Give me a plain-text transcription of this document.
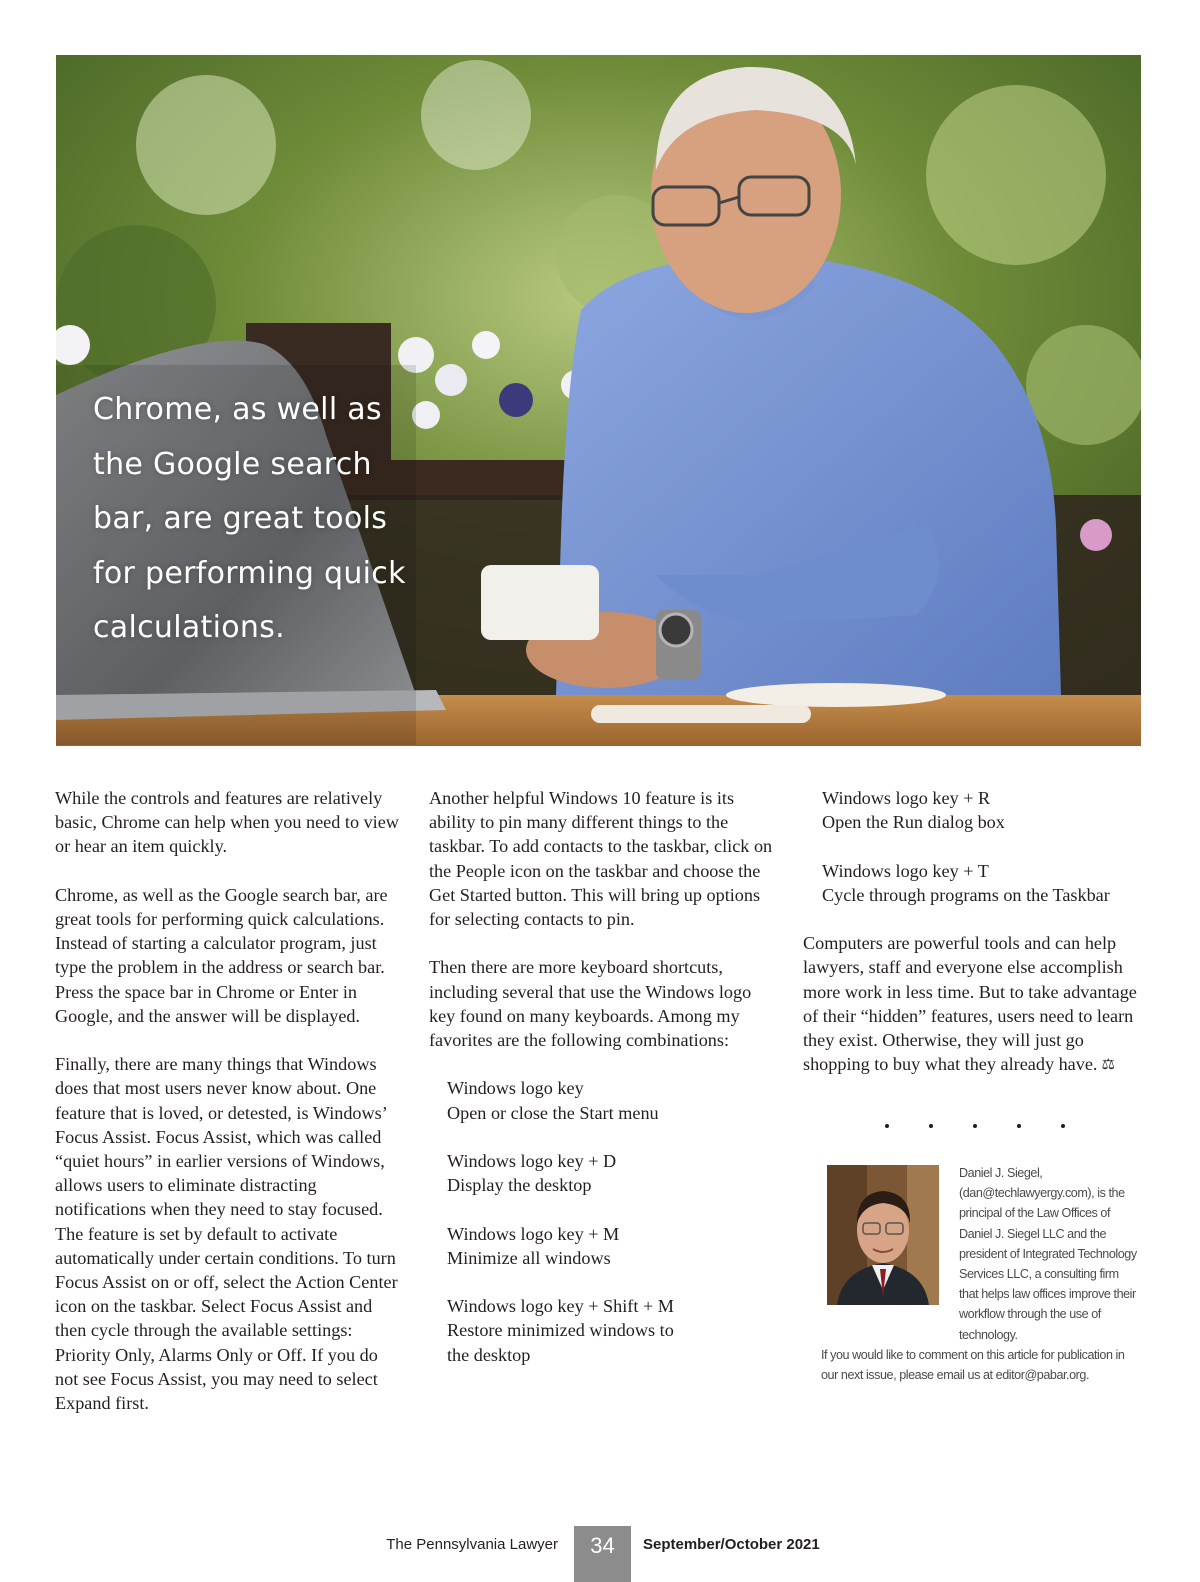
Chrome, as well as the Google search bar, are great tools for performing quick calculations.

While the controls and features are relatively basic, Chrome can help when you need to view or hear an item quickly.

Chrome, as well as the Google search bar, are great tools for performing quick calculations. Instead of starting a calculator program, just type the problem in the address or search bar. Press the space bar in Chrome or Enter in Google, and the answer will be displayed.

Finally, there are many things that Windows does that most users never know about. One feature that is loved, or detested, is Windows’ Focus Assist. Focus Assist, which was called “quiet hours” in earlier versions of Windows, allows users to eliminate distracting notifications when they need to stay focused. The feature is set by default to activate automatically under certain conditions. To turn Focus Assist on or off, select the Action Center icon on the taskbar. Select Focus Assist and then cycle through the available settings: Priority Only, Alarms Only or Off. If you do not see Focus Assist, you may need to select Expand first.

Another helpful Windows 10 feature is its ability to pin many different things to the taskbar. To add contacts to the taskbar, click on the People icon on the taskbar and choose the Get Started button. This will bring up options for selecting contacts to pin.

Then there are more keyboard shortcuts, including several that use the Windows logo key found on many keyboards. Among my favorites are the following combinations:

Windows logo key
Open or close the Start menu
Windows logo key + D
Display the desktop
Windows logo key + M
Minimize all windows
Windows logo key + Shift + M
Restore minimized windows to the desktop
Windows logo key + R
Open the Run dialog box
Windows logo key + T
Cycle through programs on the Taskbar

Computers are powerful tools and can help lawyers, staff and everyone else accomplish more work in less time. But to take advantage of their “hidden” features, users need to learn they exist. Otherwise, they will just go shopping to buy what they already have. ⚖

Daniel J. Siegel, (dan@techlawyergy.com), is the principal of the Law Offices of Daniel J. Siegel LLC and the president of Integrated Technology Services LLC, a consulting firm that helps law offices improve their workflow through the use of technology.

If you would like to comment on this article for publication in our next issue, please email us at editor@pabar.org.

The Pennsylvania Lawyer	34	September/October 2021
